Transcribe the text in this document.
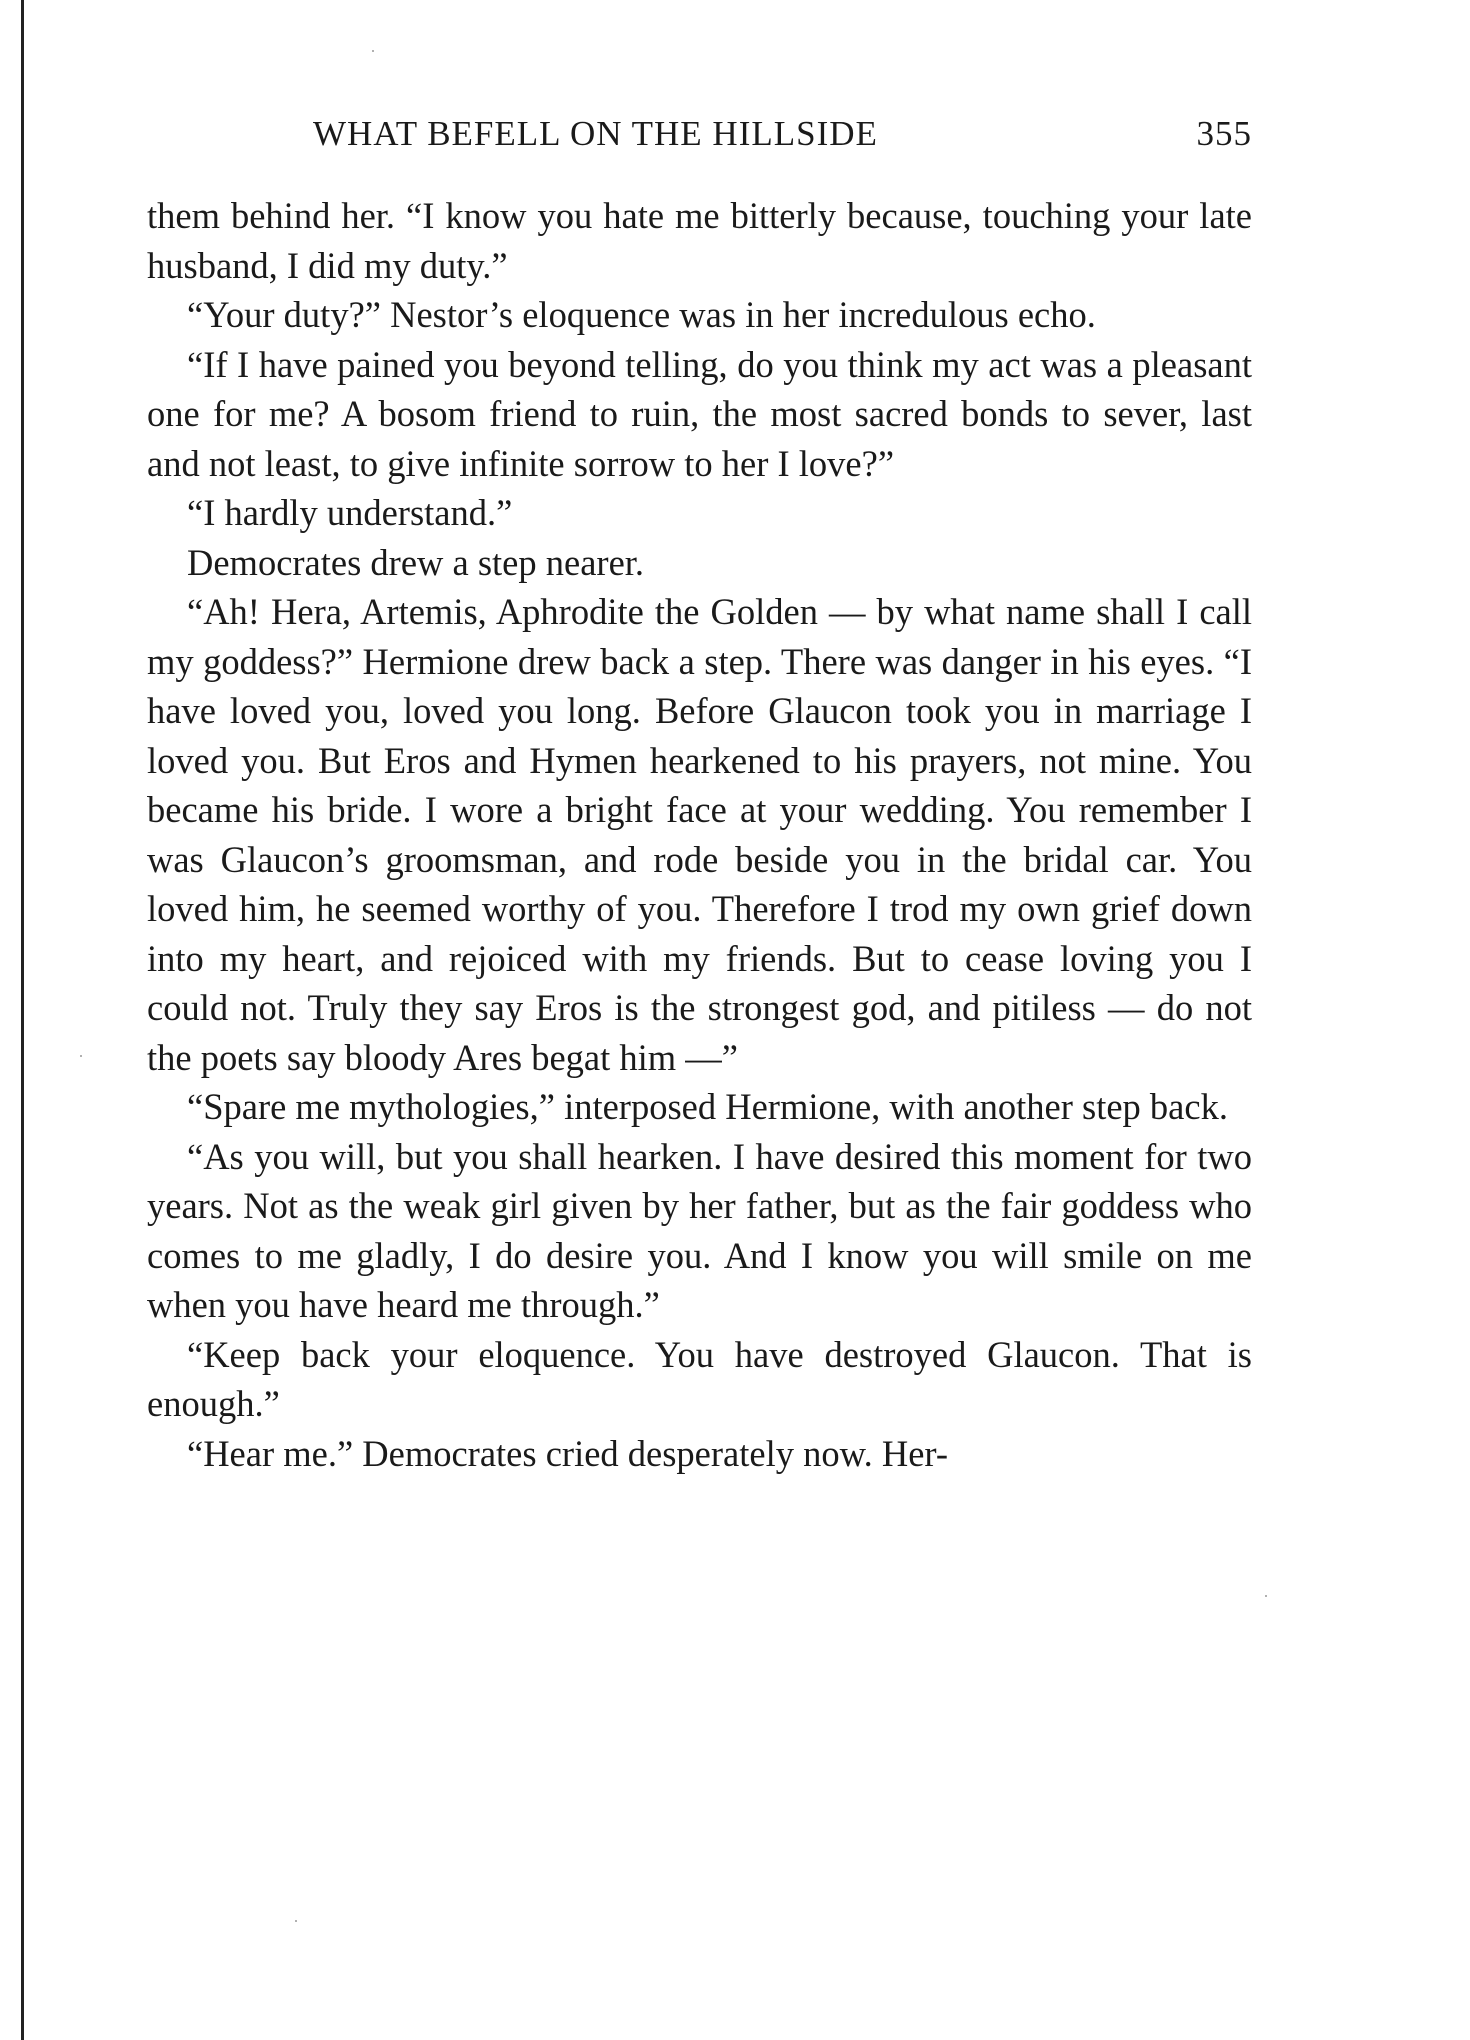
WHAT BEFELL ON THE HILLSIDE	355

them behind her. “I know you hate me bitterly because, touching your late husband, I did my duty.”

“Your duty?” Nestor’s eloquence was in her incredulous echo.

“If I have pained you beyond telling, do you think my act was a pleasant one for me? A bosom friend to ruin, the most sacred bonds to sever, last and not least, to give infinite sorrow to her I love?”

“I hardly understand.”

Democrates drew a step nearer.

“Ah! Hera, Artemis, Aphrodite the Golden — by what name shall I call my goddess?” Hermione drew back a step. There was danger in his eyes. “I have loved you, loved you long. Before Glaucon took you in marriage I loved you. But Eros and Hymen hearkened to his prayers, not mine. You became his bride. I wore a bright face at your wedding. You remember I was Glaucon’s groomsman, and rode beside you in the bridal car. You loved him, he seemed worthy of you. Therefore I trod my own grief down into my heart, and rejoiced with my friends. But to cease loving you I could not. Truly they say Eros is the strongest god, and pitiless — do not the poets say bloody Ares begat him —”

“Spare me mythologies,” interposed Hermione, with another step back.

“As you will, but you shall hearken. I have desired this moment for two years. Not as the weak girl given by her father, but as the fair goddess who comes to me gladly, I do desire you. And I know you will smile on me when you have heard me through.”

“Keep back your eloquence. You have destroyed Glaucon. That is enough.”

“Hear me.” Democrates cried desperately now. Her-
